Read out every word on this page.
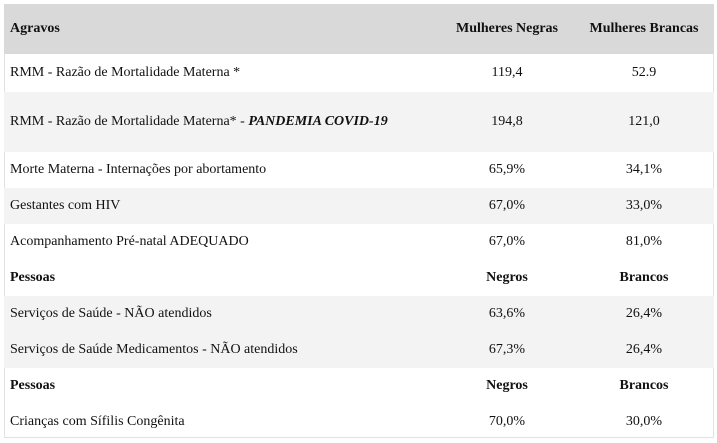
Agravos	Mulheres Negras	Mulheres Brancas
RMM - Razão de Mortalidade Materna *	119,4	52.9
RMM - Razão de Mortalidade Materna* - PANDEMIA COVID-19	194,8	121,0
Morte Materna - Internações por abortamento	65,9%	34,1%
Gestantes com HIV	67,0%	33,0%
Acompanhamento Pré-natal ADEQUADO	67,0%	81,0%
Pessoas	Negros	Brancos
Serviços de Saúde - NÃO atendidos	63,6%	26,4%
Serviços de Saúde Medicamentos - NÃO atendidos	67,3%	26,4%
Pessoas	Negros	Brancos
Crianças com Sífilis Congênita	70,0%	30,0%
